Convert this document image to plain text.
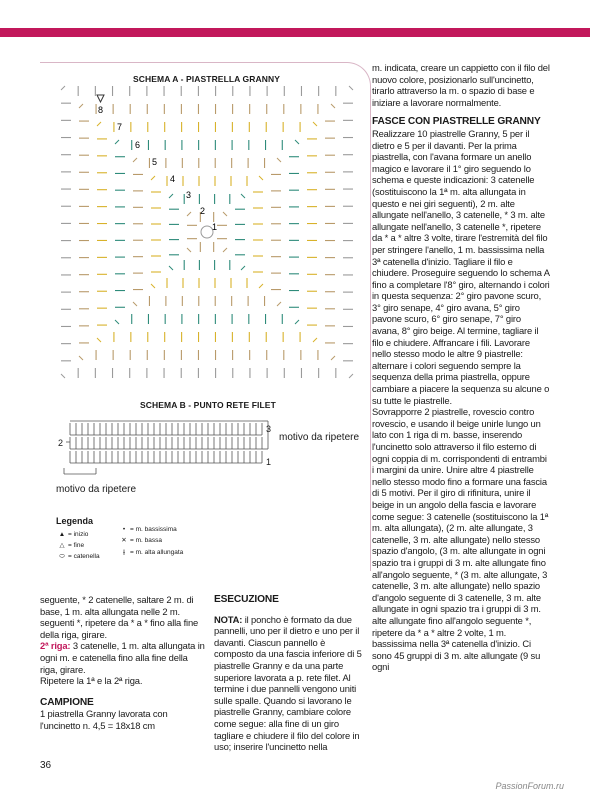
SCHEMA A - PIASTRELLA GRANNY
8
7
6
5
4
3
2
1
SCHEMA B - PUNTO RETE FILET
3
2
1
motivo da ripetere
motivo da ripetere
Legenda
▲ = inizio
△ = fine
⬭ = catenella
• = m. bassissima
✕ = m. bassa
⫲ = m. alta allungata

seguente, * 2 catenelle, saltare 2 m. di base, 1 m. alta allungata nelle 2 m. seguenti *, ripetere da * a * fino alla fine della riga, girare.

2ª riga: 3 catenelle, 1 m. alta allungata in ogni m. e catenella fino alla fine della riga, girare.

Ripetere la 1ª e la 2ª riga.

CAMPIONE

1 piastrella Granny lavorata con l'uncinetto n. 4,5 = 18x18 cm

ESECUZIONE

NOTA: il poncho è formato da due pannelli, uno per il dietro e uno per il davanti. Ciascun pannello è composto da una fascia inferiore di 5 piastrelle Granny e da una parte superiore lavorata a p. rete filet. Al termine i due pannelli vengono uniti sulle spalle. Quando si lavorano le piastrelle Granny, cambiare colore come segue: alla fine di un giro tagliare e chiudere il filo del colore in uso; inserire l'uncinetto nella

m. indicata, creare un cappietto con il filo del nuovo colore, posizionarlo sull'uncinetto, tirarlo attraverso la m. o spazio di base e iniziare a lavorare normalmente.

FASCE CON PIASTRELLE GRANNY

Realizzare 10 piastrelle Granny, 5 per il dietro e 5 per il davanti. Per la prima piastrella, con l'avana formare un anello magico e lavorare il 1° giro seguendo lo schema e queste indicazioni: 3 catenelle (sostituiscono la 1ª m. alta allungata in questo e nei giri seguenti), 2 m. alte allungate nell'anello, 3 catenelle, * 3 m. alte allungate nell'anello, 3 catenelle *, ripetere da * a * altre 3 volte, tirare l'estremità del filo per stringere l'anello, 1 m. bassissima nella 3ª catenella d'inizio. Tagliare il filo e chiudere. Proseguire seguendo lo schema A fino a completare l'8° giro, alternando i colori in questa sequenza: 2° giro pavone scuro, 3° giro senape, 4° giro avana, 5° giro pavone scuro, 6° giro senape, 7° giro avana, 8° giro beige. Al termine, tagliare il filo e chiudere. Affrancare i fili. Lavorare nello stesso modo le altre 9 piastrelle: alternare i colori seguendo sempre la sequenza della prima piastrella, oppure cambiare a piacere la sequenza su alcune o su tutte le piastrelle.

Sovrapporre 2 piastrelle, rovescio contro rovescio, e usando il beige unirle lungo un lato con 1 riga di m. basse, inserendo l'uncinetto solo attraverso il filo esterno di ogni coppia di m. corrispondenti di entrambi i margini da unire. Unire altre 4 piastrelle nello stesso modo fino a formare una fascia di 5 motivi. Per il giro di rifinitura, unire il beige in un angolo della fascia e lavorare come segue: 3 catenelle (sostituiscono la 1ª m. alta allungata), (2 m. alte allungate, 3 catenelle, 3 m. alte allungate) nello stesso spazio d'angolo, (3 m. alte allungate in ogni spazio tra i gruppi di 3 m. alte allungate fino all'angolo seguente, * (3 m. alte allungate, 3 catenelle, 3 m. alte allungate) nello spazio d'angolo seguente di 3 catenelle, 3 m. alte allungate in ogni spazio tra i gruppi di 3 m. alte allungate fino all'angolo seguente *, ripetere da * a * altre 2 volte, 1 m. bassissima nella 3ª catenella d'inizio. Ci sono 45 gruppi di 3 m. alte allungate (9 su ogni

36
PassionForum.ru
